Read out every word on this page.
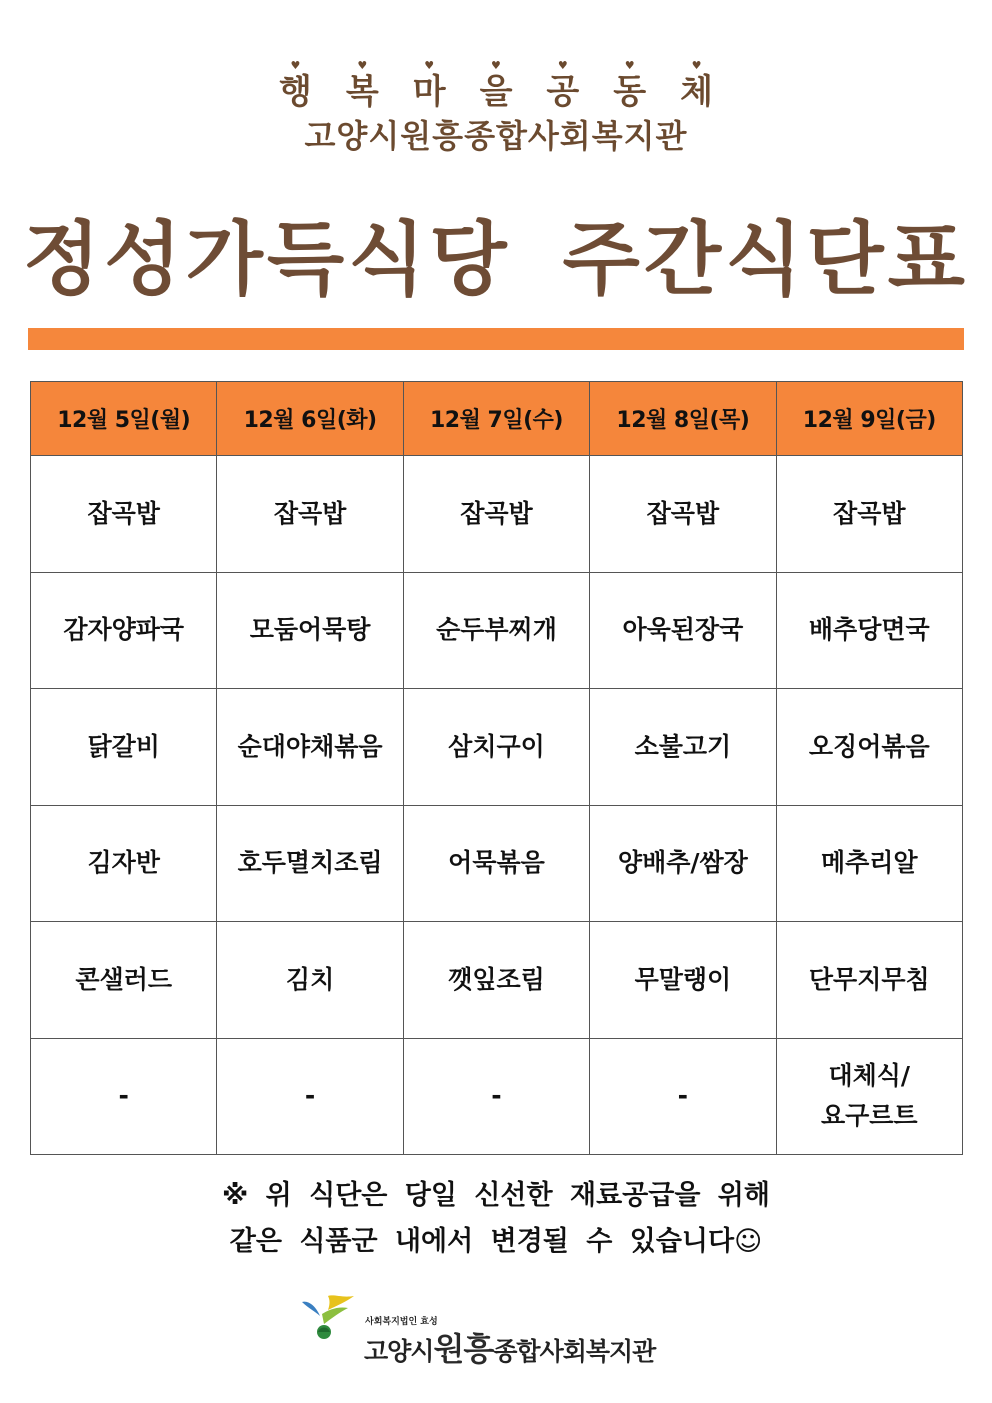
♥
행
♥
복
♥
마
♥
을
♥
공
♥
동
♥
체
고양시원흥종합사회복지관
정성가득식당 주간식단표
12월 5일(월)	12월 6일(화)	12월 7일(수)	12월 8일(목)	12월 9일(금)
잡곡밥	잡곡밥	잡곡밥	잡곡밥	잡곡밥
감자양파국	모둠어묵탕	순두부찌개	아욱된장국	배추당면국
닭갈비	순대야채볶음	삼치구이	소불고기	오징어볶음
김자반	호두멸치조림	어묵볶음	양배추/쌈장	메추리알
콘샐러드	김치	깻잎조림	무말랭이	단무지무침
-	-	-	-	대체식/
요구르트
※ 위 식단은 당일 신선한 재료공급을 위해
같은 식품군 내에서 변경될 수 있습니다☺
사회복지법인 효성
고양시원흥종합사회복지관
